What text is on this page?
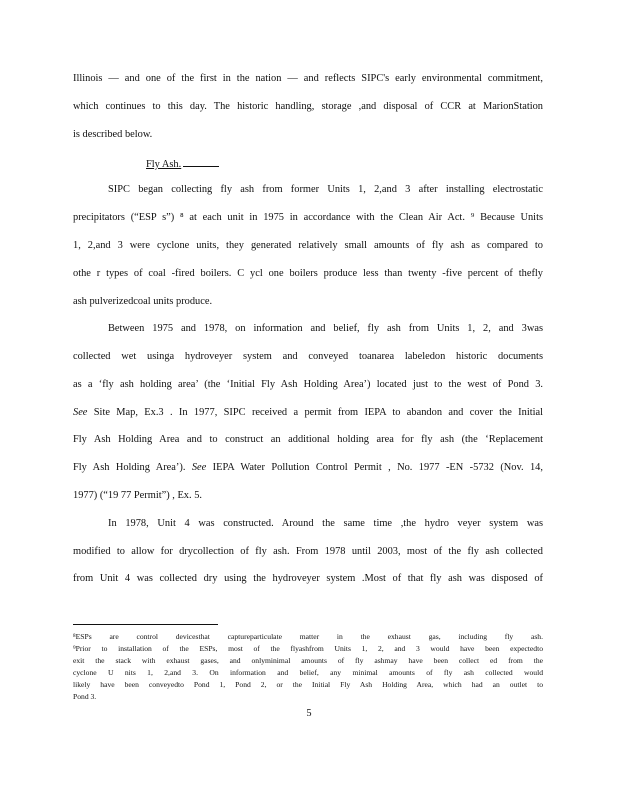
Illinois — and one of the first in the nation — and reflects SIPC's early environmental commitment,
which continues to this day. The historic handling, storage ,and disposal of CCR at MarionStation
is described below.
Fly Ash.
SIPC began collecting fly ash from former Units 1, 2,and 3 after installing electrostatic
precipitators (“ESP s”) ⁸ at each unit in 1975 in accordance with the Clean Air Act. ⁹ Because Units
1, 2,and 3 were cyclone units, they generated relatively small amounts of fly ash as compared to
othe r types of coal -fired boilers. C ycl one boilers produce less than twenty -five percent of thefly
ash pulverizedcoal units produce.
Between 1975 and 1978, on information and belief, fly ash from Units 1, 2, and 3was
collected wet usinga hydroveyer system and conveyed toanarea labeledon historic documents
as a ‘fly ash holding area’ (the ‘Initial Fly Ash Holding Area’) located just to the west of Pond 3.
See Site Map, Ex.3 . In 1977, SIPC received a permit from IEPA to abandon and cover the Initial
Fly Ash Holding Area and to construct an additional holding area for fly ash (the ‘Replacement
Fly Ash Holding Area’). See IEPA Water Pollution Control Permit , No. 1977 -EN -5732 (Nov. 14,
1977) (“19 77 Permit”) , Ex. 5.
In 1978, Unit 4 was constructed. Around the same time ,the hydro veyer system was
modified to allow for drycollection of fly ash. From 1978 until 2003, most of the fly ash collected
from Unit 4 was collected dry using the hydroveyer system .Most of that fly ash was disposed of
⁸ESPs are control devicesthat captureparticulate matter in the exhaust gas, including fly ash.
⁹Prior to installation of the ESPs, most of the flyashfrom Units 1, 2, and 3 would have been expectedto
exit the stack with exhaust gases, and onlyminimal amounts of fly ashmay have been collect ed from the
cyclone U nits 1, 2,and 3. On information and belief, any minimal amounts of fly ash collected would
likely have been conveyedto Pond 1, Pond 2, or the Initial Fly Ash Holding Area, which had an outlet to
Pond 3.
5
